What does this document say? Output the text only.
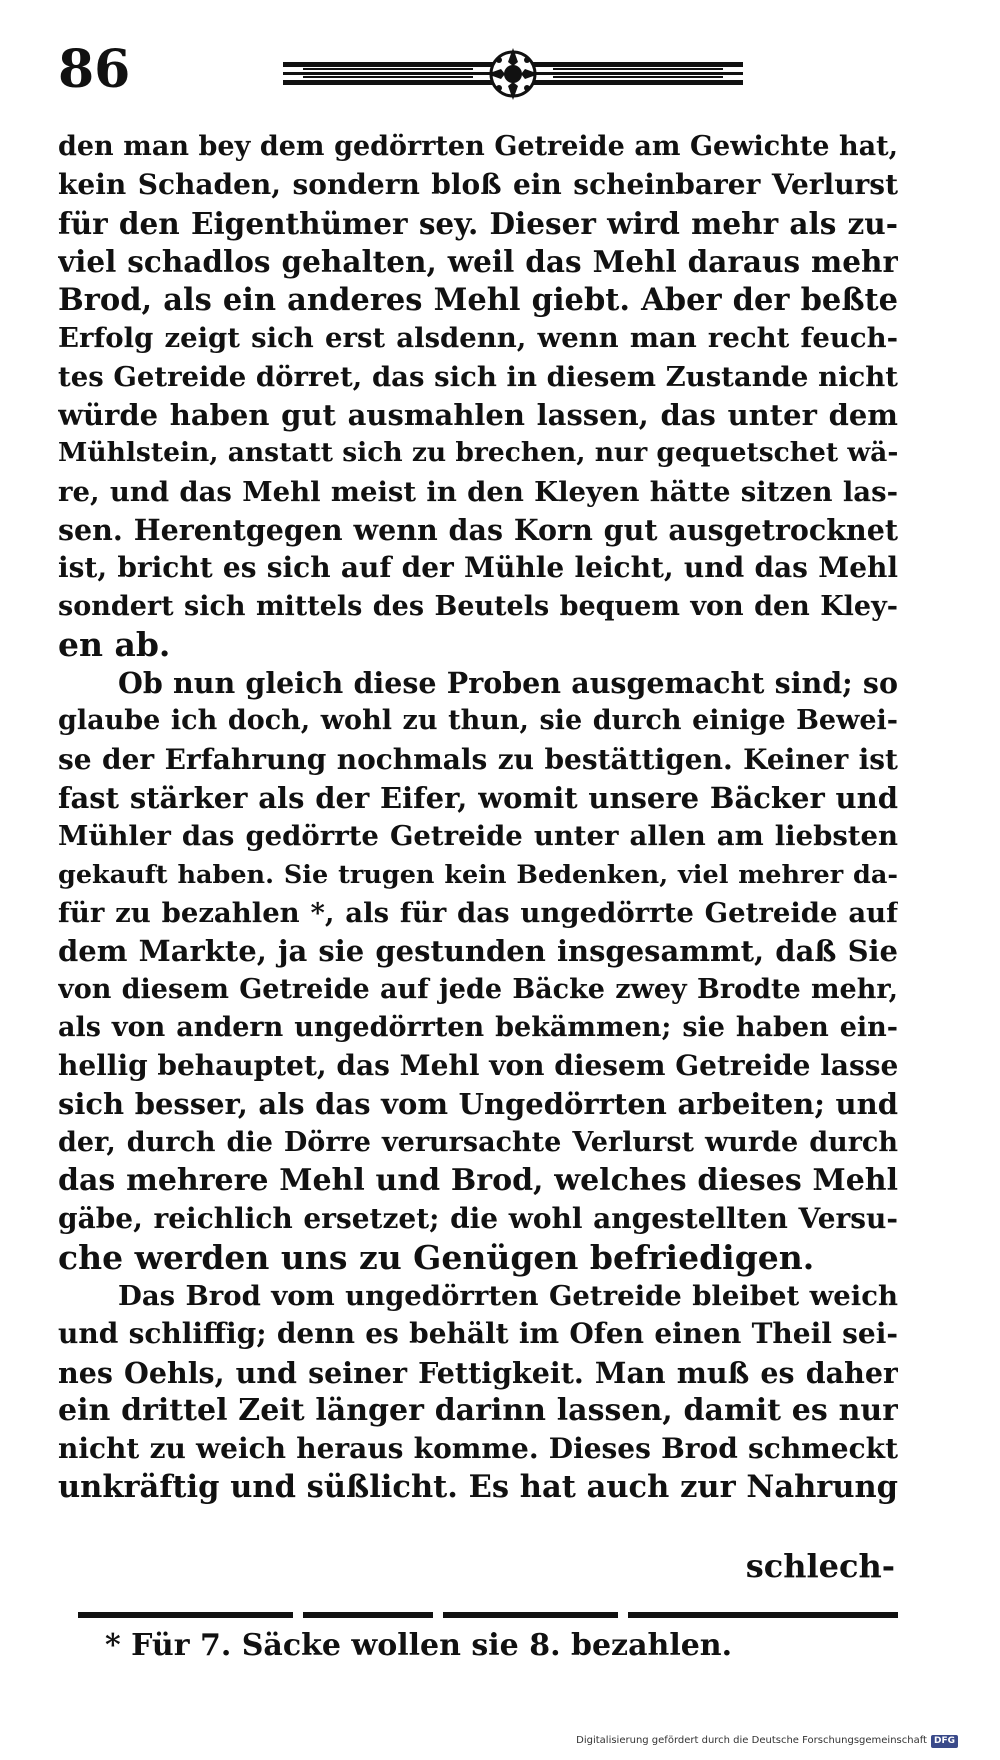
86
den man bey dem gedörrten Getreide am Gewichte hat,
kein Schaden, sondern bloß ein scheinbarer Verlurst
für den Eigenthümer sey. Dieser wird mehr als zu-
viel schadlos gehalten, weil das Mehl daraus mehr
Brod, als ein anderes Mehl giebt. Aber der beßte
Erfolg zeigt sich erst alsdenn, wenn man recht feuch-
tes Getreide dörret, das sich in diesem Zustande nicht
würde haben gut ausmahlen lassen, das unter dem
Mühlstein, anstatt sich zu brechen, nur gequetschet wä-
re, und das Mehl meist in den Kleyen hätte sitzen las-
sen. Herentgegen wenn das Korn gut ausgetrocknet
ist, bricht es sich auf der Mühle leicht, und das Mehl
sondert sich mittels des Beutels bequem von den Kley-
en ab.
Ob nun gleich diese Proben ausgemacht sind; so
glaube ich doch, wohl zu thun, sie durch einige Bewei-
se der Erfahrung nochmals zu bestättigen. Keiner ist
fast stärker als der Eifer, womit unsere Bäcker und
Mühler das gedörrte Getreide unter allen am liebsten
gekauft haben. Sie trugen kein Bedenken, viel mehrer da-
für zu bezahlen *, als für das ungedörrte Getreide auf
dem Markte, ja sie gestunden insgesammt, daß Sie
von diesem Getreide auf jede Bäcke zwey Brodte mehr,
als von andern ungedörrten bekämmen; sie haben ein-
hellig behauptet, das Mehl von diesem Getreide lasse
sich besser, als das vom Ungedörrten arbeiten; und
der, durch die Dörre verursachte Verlurst wurde durch
das mehrere Mehl und Brod, welches dieses Mehl
gäbe, reichlich ersetzet; die wohl angestellten Versu-
che werden uns zu Genügen befriedigen.
Das Brod vom ungedörrten Getreide bleibet weich
und schliffig; denn es behält im Ofen einen Theil sei-
nes Oehls, und seiner Fettigkeit. Man muß es daher
ein drittel Zeit länger darinn lassen, damit es nur
nicht zu weich heraus komme. Dieses Brod schmeckt
unkräftig und süßlicht. Es hat auch zur Nahrung
schlech-
* Für 7. Säcke wollen sie 8. bezahlen.
Digitalisierung gefördert durch die Deutsche Forschungsgemeinschaft DFG
